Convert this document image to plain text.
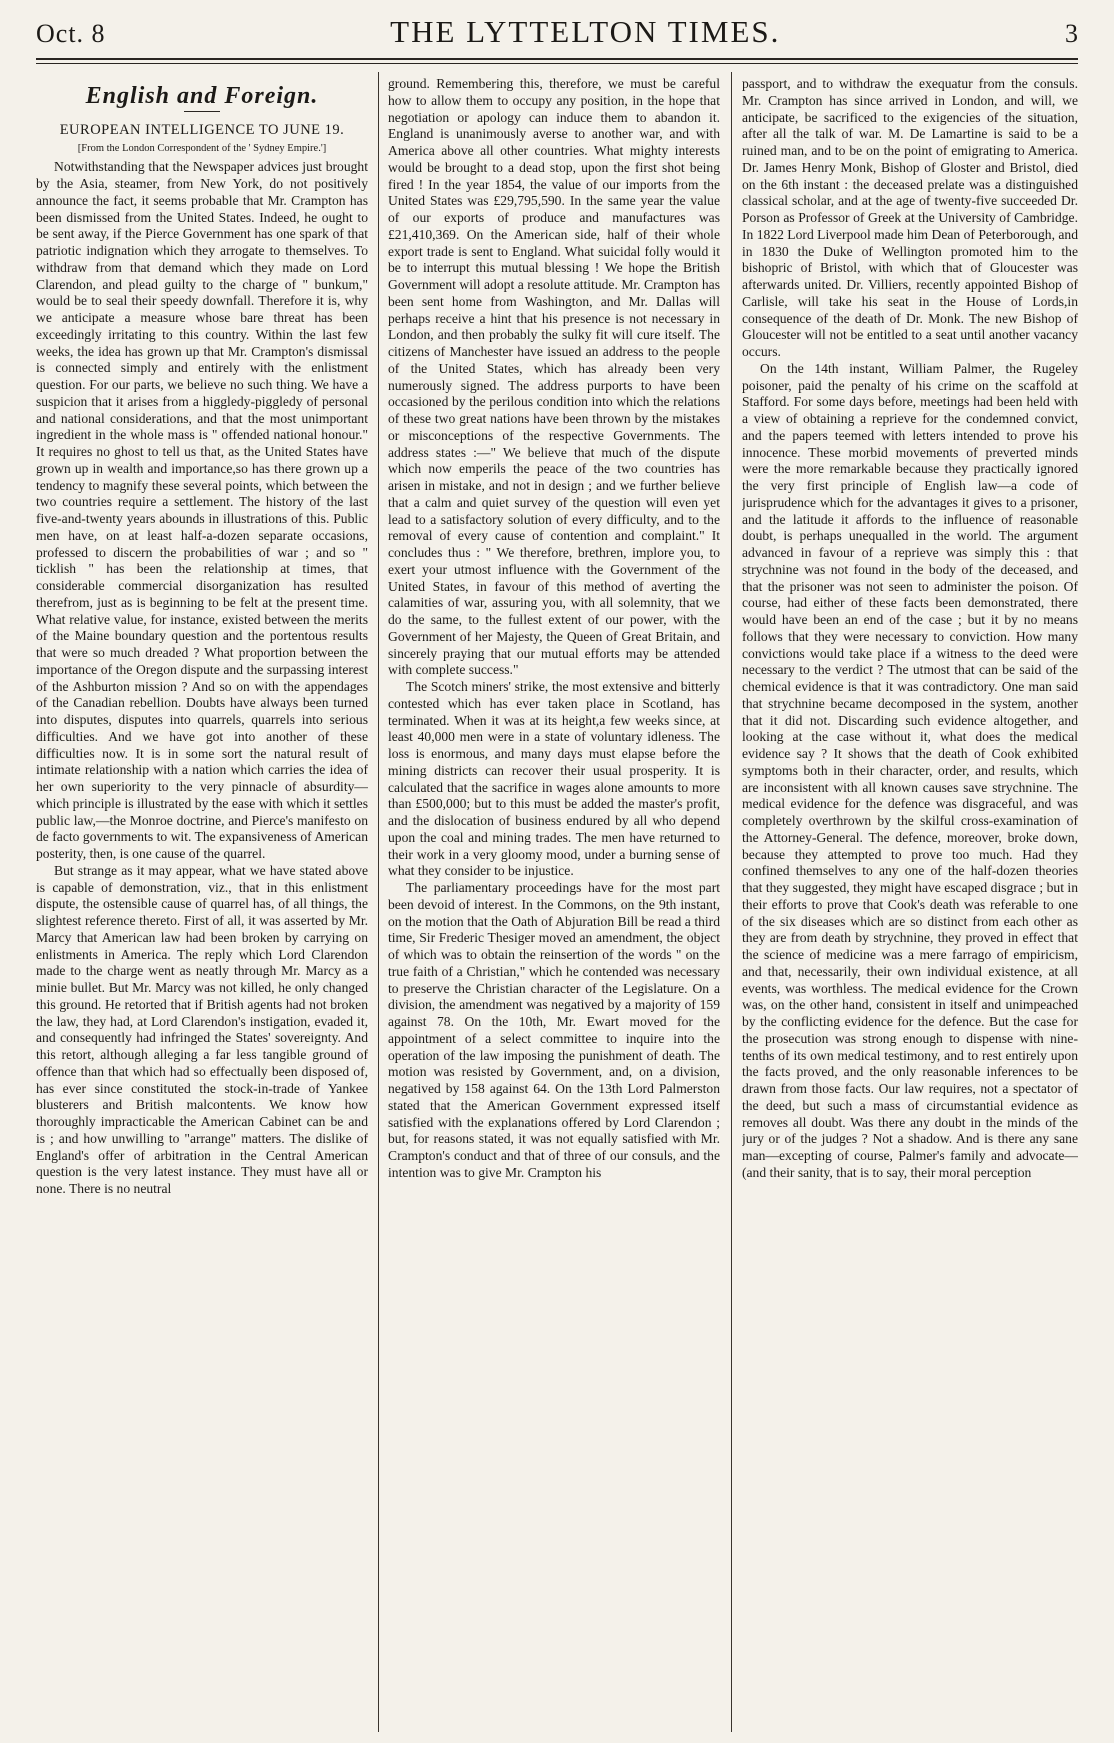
Oct. 8	THE LYTTELTON TIMES.	3
English and Foreign.
EUROPEAN INTELLIGENCE TO JUNE 19.
[From the London Correspondent of the ' Sydney Empire.']

Notwithstanding that the Newspaper advices just brought by the Asia, steamer, from New York, do not positively announce the fact, it seems probable that Mr. Crampton has been dismissed from the United States. Indeed, he ought to be sent away, if the Pierce Government has one spark of that patriotic indignation which they arrogate to themselves. To withdraw from that demand which they made on Lord Clarendon, and plead guilty to the charge of " bunkum," would be to seal their speedy downfall. Therefore it is, why we anticipate a measure whose bare threat has been exceedingly irritating to this country. Within the last few weeks, the idea has grown up that Mr. Crampton's dismissal is connected simply and entirely with the enlistment question. For our parts, we believe no such thing. We have a suspicion that it arises from a higgledy-piggledy of personal and national considerations, and that the most unimportant ingredient in the whole mass is " offended national honour." It requires no ghost to tell us that, as the United States have grown up in wealth and importance,so has there grown up a tendency to magnify these several points, which between the two countries require a settlement. The history of the last five-and-twenty years abounds in illustrations of this. Public men have, on at least half-a-dozen separate occasions, professed to discern the probabilities of war ; and so " ticklish " has been the relationship at times, that considerable commercial disorganization has resulted therefrom, just as is beginning to be felt at the present time. What relative value, for instance, existed between the merits of the Maine boundary question and the portentous results that were so much dreaded ? What proportion between the importance of the Oregon dispute and the surpassing interest of the Ashburton mission ? And so on with the appendages of the Canadian rebellion. Doubts have always been turned into disputes, disputes into quarrels, quarrels into serious difficulties. And we have got into another of these difficulties now. It is in some sort the natural result of intimate relationship with a nation which carries the idea of her own superiority to the very pinnacle of absurdity—which principle is illustrated by the ease with which it settles public law,—the Monroe doctrine, and Pierce's manifesto on de facto governments to wit. The expansiveness of American posterity, then, is one cause of the quarrel.

But strange as it may appear, what we have stated above is capable of demonstration, viz., that in this enlistment dispute, the ostensible cause of quarrel has, of all things, the slightest reference thereto. First of all, it was asserted by Mr. Marcy that American law had been broken by carrying on enlistments in America. The reply which Lord Clarendon made to the charge went as neatly through Mr. Marcy as a minie bullet. But Mr. Marcy was not killed, he only changed this ground. He retorted that if British agents had not broken the law, they had, at Lord Clarendon's instigation, evaded it, and consequently had infringed the States' sovereignty. And this retort, although alleging a far less tangible ground of offence than that which had so effectually been disposed of, has ever since constituted the stock-in-trade of Yankee blusterers and British malcontents. We know how thoroughly impracticable the American Cabinet can be and is ; and how unwilling to "arrange" matters. The dislike of England's offer of arbitration in the Central American question is the very latest instance. They must have all or none. There is no neutral

ground. Remembering this, therefore, we must be careful how to allow them to occupy any position, in the hope that negotiation or apology can induce them to abandon it. England is unanimously averse to another war, and with America above all other countries. What mighty interests would be brought to a dead stop, upon the first shot being fired ! In the year 1854, the value of our imports from the United States was £29,795,590. In the same year the value of our exports of produce and manufactures was £21,410,369. On the American side, half of their whole export trade is sent to England. What suicidal folly would it be to interrupt this mutual blessing ! We hope the British Government will adopt a resolute attitude. Mr. Crampton has been sent home from Washington, and Mr. Dallas will perhaps receive a hint that his presence is not necessary in London, and then probably the sulky fit will cure itself. The citizens of Manchester have issued an address to the people of the United States, which has already been very numerously signed. The address purports to have been occasioned by the perilous condition into which the relations of these two great nations have been thrown by the mistakes or misconceptions of the respective Governments. The address states :—" We believe that much of the dispute which now emperils the peace of the two countries has arisen in mistake, and not in design ; and we further believe that a calm and quiet survey of the question will even yet lead to a satisfactory solution of every difficulty, and to the removal of every cause of contention and complaint." It concludes thus : " We therefore, brethren, implore you, to exert your utmost influence with the Government of the United States, in favour of this method of averting the calamities of war, assuring you, with all solemnity, that we do the same, to the fullest extent of our power, with the Government of her Majesty, the Queen of Great Britain, and sincerely praying that our mutual efforts may be attended with complete success."

The Scotch miners' strike, the most extensive and bitterly contested which has ever taken place in Scotland, has terminated. When it was at its height,a few weeks since, at least 40,000 men were in a state of voluntary idleness. The loss is enormous, and many days must elapse before the mining districts can recover their usual prosperity. It is calculated that the sacrifice in wages alone amounts to more than £500,000; but to this must be added the master's profit, and the dislocation of business endured by all who depend upon the coal and mining trades. The men have returned to their work in a very gloomy mood, under a burning sense of what they consider to be injustice.

The parliamentary proceedings have for the most part been devoid of interest. In the Commons, on the 9th instant, on the motion that the Oath of Abjuration Bill be read a third time, Sir Frederic Thesiger moved an amendment, the object of which was to obtain the reinsertion of the words " on the true faith of a Christian," which he contended was necessary to preserve the Christian character of the Legislature. On a division, the amendment was negatived by a majority of 159 against 78. On the 10th, Mr. Ewart moved for the appointment of a select committee to inquire into the operation of the law imposing the punishment of death. The motion was resisted by Government, and, on a division, negatived by 158 against 64. On the 13th Lord Palmerston stated that the American Government expressed itself satisfied with the explanations offered by Lord Clarendon ; but, for reasons stated, it was not equally satisfied with Mr. Crampton's conduct and that of three of our consuls, and the intention was to give Mr. Crampton his

passport, and to withdraw the exequatur from the consuls. Mr. Crampton has since arrived in London, and will, we anticipate, be sacrificed to the exigencies of the situation, after all the talk of war. M. De Lamartine is said to be a ruined man, and to be on the point of emigrating to America. Dr. James Henry Monk, Bishop of Gloster and Bristol, died on the 6th instant : the deceased prelate was a distinguished classical scholar, and at the age of twenty-five succeeded Dr. Porson as Professor of Greek at the University of Cambridge. In 1822 Lord Liverpool made him Dean of Peterborough, and in 1830 the Duke of Wellington promoted him to the bishopric of Bristol, with which that of Gloucester was afterwards united. Dr. Villiers, recently appointed Bishop of Carlisle, will take his seat in the House of Lords,in consequence of the death of Dr. Monk. The new Bishop of Gloucester will not be entitled to a seat until another vacancy occurs.

On the 14th instant, William Palmer, the Rugeley poisoner, paid the penalty of his crime on the scaffold at Stafford. For some days before, meetings had been held with a view of obtaining a reprieve for the condemned convict, and the papers teemed with letters intended to prove his innocence. These morbid movements of preverted minds were the more remarkable because they practically ignored the very first principle of English law—a code of jurisprudence which for the advantages it gives to a prisoner, and the latitude it affords to the influence of reasonable doubt, is perhaps unequalled in the world. The argument advanced in favour of a reprieve was simply this : that strychnine was not found in the body of the deceased, and that the prisoner was not seen to administer the poison. Of course, had either of these facts been demonstrated, there would have been an end of the case ; but it by no means follows that they were necessary to conviction. How many convictions would take place if a witness to the deed were necessary to the verdict ? The utmost that can be said of the chemical evidence is that it was contradictory. One man said that strychnine became decomposed in the system, another that it did not. Discarding such evidence altogether, and looking at the case without it, what does the medical evidence say ? It shows that the death of Cook exhibited symptoms both in their character, order, and results, which are inconsistent with all known causes save strychnine. The medical evidence for the defence was disgraceful, and was completely overthrown by the skilful cross-examination of the Attorney-General. The defence, moreover, broke down, because they attempted to prove too much. Had they confined themselves to any one of the half-dozen theories that they suggested, they might have escaped disgrace ; but in their efforts to prove that Cook's death was referable to one of the six diseases which are so distinct from each other as they are from death by strychnine, they proved in effect that the science of medicine was a mere farrago of empiricism, and that, necessarily, their own individual existence, at all events, was worthless. The medical evidence for the Crown was, on the other hand, consistent in itself and unimpeached by the conflicting evidence for the defence. But the case for the prosecution was strong enough to dispense with nine-tenths of its own medical testimony, and to rest entirely upon the facts proved, and the only reasonable inferences to be drawn from those facts. Our law requires, not a spectator of the deed, but such a mass of circumstantial evidence as removes all doubt. Was there any doubt in the minds of the jury or of the judges ? Not a shadow. And is there any sane man—excepting of course, Palmer's family and advocate—(and their sanity, that is to say, their moral perception
